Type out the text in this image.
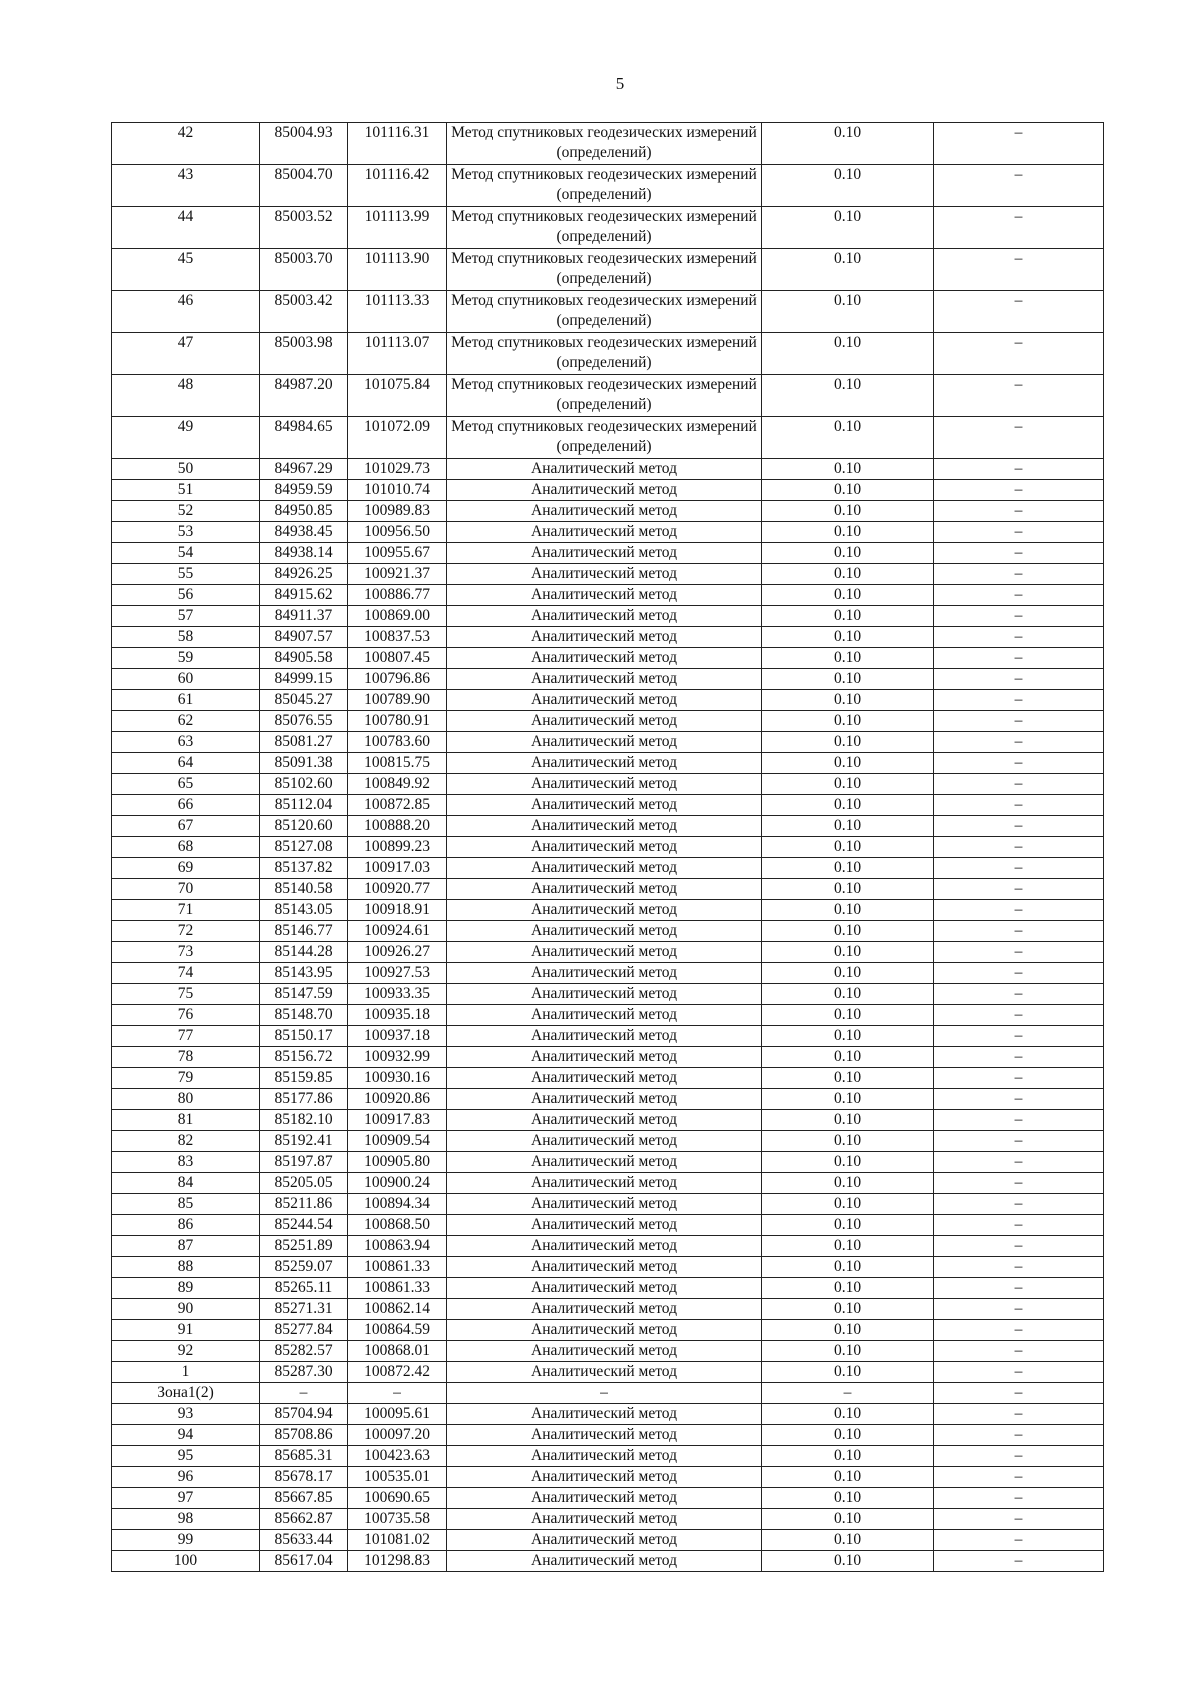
5
42	85004.93	101116.31	Метод спутниковых геодезических измерений (определений)	0.10	–
43	85004.70	101116.42	Метод спутниковых геодезических измерений (определений)	0.10	–
44	85003.52	101113.99	Метод спутниковых геодезических измерений (определений)	0.10	–
45	85003.70	101113.90	Метод спутниковых геодезических измерений (определений)	0.10	–
46	85003.42	101113.33	Метод спутниковых геодезических измерений (определений)	0.10	–
47	85003.98	101113.07	Метод спутниковых геодезических измерений (определений)	0.10	–
48	84987.20	101075.84	Метод спутниковых геодезических измерений (определений)	0.10	–
49	84984.65	101072.09	Метод спутниковых геодезических измерений (определений)	0.10	–
50	84967.29	101029.73	Аналитический метод	0.10	–
51	84959.59	101010.74	Аналитический метод	0.10	–
52	84950.85	100989.83	Аналитический метод	0.10	–
53	84938.45	100956.50	Аналитический метод	0.10	–
54	84938.14	100955.67	Аналитический метод	0.10	–
55	84926.25	100921.37	Аналитический метод	0.10	–
56	84915.62	100886.77	Аналитический метод	0.10	–
57	84911.37	100869.00	Аналитический метод	0.10	–
58	84907.57	100837.53	Аналитический метод	0.10	–
59	84905.58	100807.45	Аналитический метод	0.10	–
60	84999.15	100796.86	Аналитический метод	0.10	–
61	85045.27	100789.90	Аналитический метод	0.10	–
62	85076.55	100780.91	Аналитический метод	0.10	–
63	85081.27	100783.60	Аналитический метод	0.10	–
64	85091.38	100815.75	Аналитический метод	0.10	–
65	85102.60	100849.92	Аналитический метод	0.10	–
66	85112.04	100872.85	Аналитический метод	0.10	–
67	85120.60	100888.20	Аналитический метод	0.10	–
68	85127.08	100899.23	Аналитический метод	0.10	–
69	85137.82	100917.03	Аналитический метод	0.10	–
70	85140.58	100920.77	Аналитический метод	0.10	–
71	85143.05	100918.91	Аналитический метод	0.10	–
72	85146.77	100924.61	Аналитический метод	0.10	–
73	85144.28	100926.27	Аналитический метод	0.10	–
74	85143.95	100927.53	Аналитический метод	0.10	–
75	85147.59	100933.35	Аналитический метод	0.10	–
76	85148.70	100935.18	Аналитический метод	0.10	–
77	85150.17	100937.18	Аналитический метод	0.10	–
78	85156.72	100932.99	Аналитический метод	0.10	–
79	85159.85	100930.16	Аналитический метод	0.10	–
80	85177.86	100920.86	Аналитический метод	0.10	–
81	85182.10	100917.83	Аналитический метод	0.10	–
82	85192.41	100909.54	Аналитический метод	0.10	–
83	85197.87	100905.80	Аналитический метод	0.10	–
84	85205.05	100900.24	Аналитический метод	0.10	–
85	85211.86	100894.34	Аналитический метод	0.10	–
86	85244.54	100868.50	Аналитический метод	0.10	–
87	85251.89	100863.94	Аналитический метод	0.10	–
88	85259.07	100861.33	Аналитический метод	0.10	–
89	85265.11	100861.33	Аналитический метод	0.10	–
90	85271.31	100862.14	Аналитический метод	0.10	–
91	85277.84	100864.59	Аналитический метод	0.10	–
92	85282.57	100868.01	Аналитический метод	0.10	–
1	85287.30	100872.42	Аналитический метод	0.10	–
Зона1(2)	–	–	–	–	–
93	85704.94	100095.61	Аналитический метод	0.10	–
94	85708.86	100097.20	Аналитический метод	0.10	–
95	85685.31	100423.63	Аналитический метод	0.10	–
96	85678.17	100535.01	Аналитический метод	0.10	–
97	85667.85	100690.65	Аналитический метод	0.10	–
98	85662.87	100735.58	Аналитический метод	0.10	–
99	85633.44	101081.02	Аналитический метод	0.10	–
100	85617.04	101298.83	Аналитический метод	0.10	–
